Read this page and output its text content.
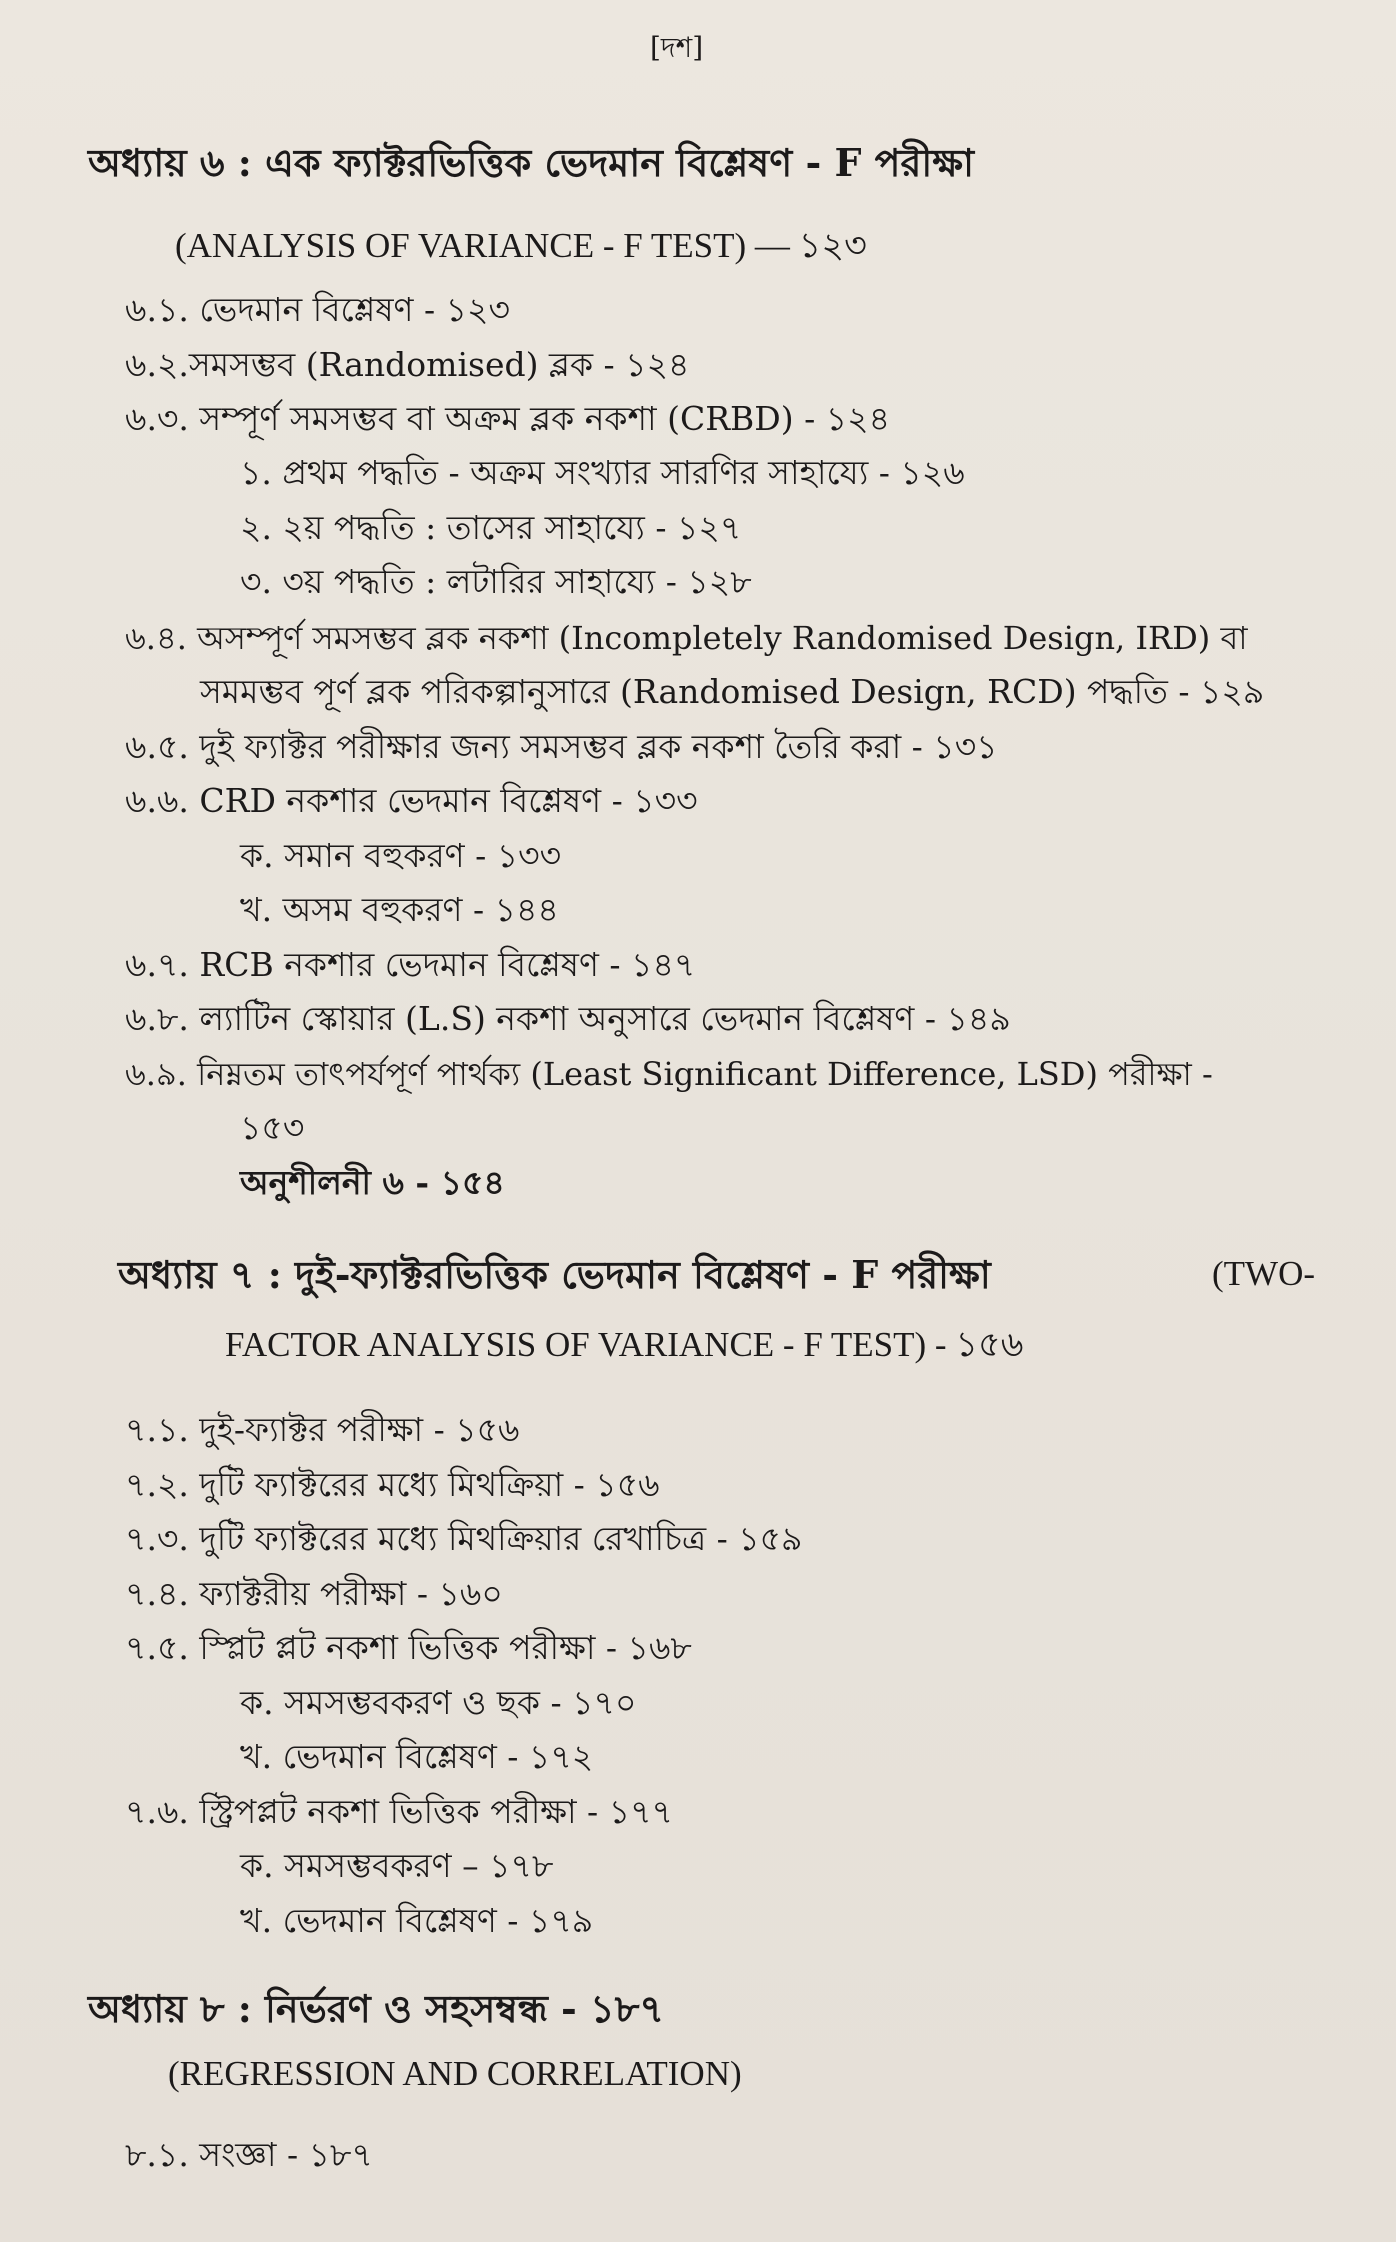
[দশ]
অধ্যায় ৬ : এক ফ্যাক্টরভিত্তিক ভেদমান বিশ্লেষণ - F পরীক্ষা
(ANALYSIS OF VARIANCE - F TEST) — ১২৩
৬.১. ভেদমান বিশ্লেষণ - ১২৩
৬.২.সমসম্ভব (Randomised) ব্লক - ১২৪
৬.৩. সম্পূর্ণ সমসম্ভব বা অক্রম ব্লক নকশা (CRBD) - ১২৪
১. প্রথম পদ্ধতি - অক্রম সংখ্যার সারণির সাহায্যে - ১২৬
২. ২য় পদ্ধতি : তাসের সাহায্যে - ১২৭
৩. ৩য় পদ্ধতি : লটারির সাহায্যে - ১২৮
৬.৪. অসম্পূর্ণ সমসম্ভব ব্লক নকশা (Incompletely Randomised Design, IRD) বা
সমমম্ভব পূর্ণ ব্লক পরিকল্পানুসারে (Randomised Design, RCD) পদ্ধতি - ১২৯
৬.৫. দুই ফ্যাক্টর পরীক্ষার জন্য সমসম্ভব ব্লক নকশা তৈরি করা - ১৩১
৬.৬. CRD নকশার ভেদমান বিশ্লেষণ - ১৩৩
ক. সমান বহুকরণ - ১৩৩
খ. অসম বহুকরণ - ১৪৪
৬.৭. RCB নকশার ভেদমান বিশ্লেষণ - ১৪৭
৬.৮. ল্যাটিন স্কোয়ার (L.S) নকশা অনুসারে ভেদমান বিশ্লেষণ - ১৪৯
৬.৯. নিম্নতম তাৎপর্যপূর্ণ পার্থক্য (Least Significant Difference, LSD) পরীক্ষা -
১৫৩
অনুশীলনী ৬ - ১৫৪
অধ্যায় ৭ : দুই-ফ্যাক্টরভিত্তিক ভেদমান বিশ্লেষণ - F পরীক্ষা	(TWO-
FACTOR ANALYSIS OF VARIANCE - F TEST) - ১৫৬
৭.১. দুই-ফ্যাক্টর পরীক্ষা - ১৫৬
৭.২. দুটি ফ্যাক্টরের মধ্যে মিথক্রিয়া - ১৫৬
৭.৩. দুটি ফ্যাক্টরের মধ্যে মিথক্রিয়ার রেখাচিত্র - ১৫৯
৭.৪. ফ্যাক্টরীয় পরীক্ষা - ১৬০
৭.৫. স্প্লিট প্লট নকশা ভিত্তিক পরীক্ষা - ১৬৮
ক. সমসম্ভবকরণ ও ছক - ১৭০
খ. ভেদমান বিশ্লেষণ - ১৭২
৭.৬. স্ট্রিপপ্লট নকশা ভিত্তিক পরীক্ষা - ১৭৭
ক. সমসম্ভবকরণ – ১৭৮
খ. ভেদমান বিশ্লেষণ - ১৭৯
অধ্যায় ৮ : নির্ভরণ ও সহসম্বন্ধ - ১৮৭
(REGRESSION AND CORRELATION)
৮.১. সংজ্ঞা - ১৮৭
